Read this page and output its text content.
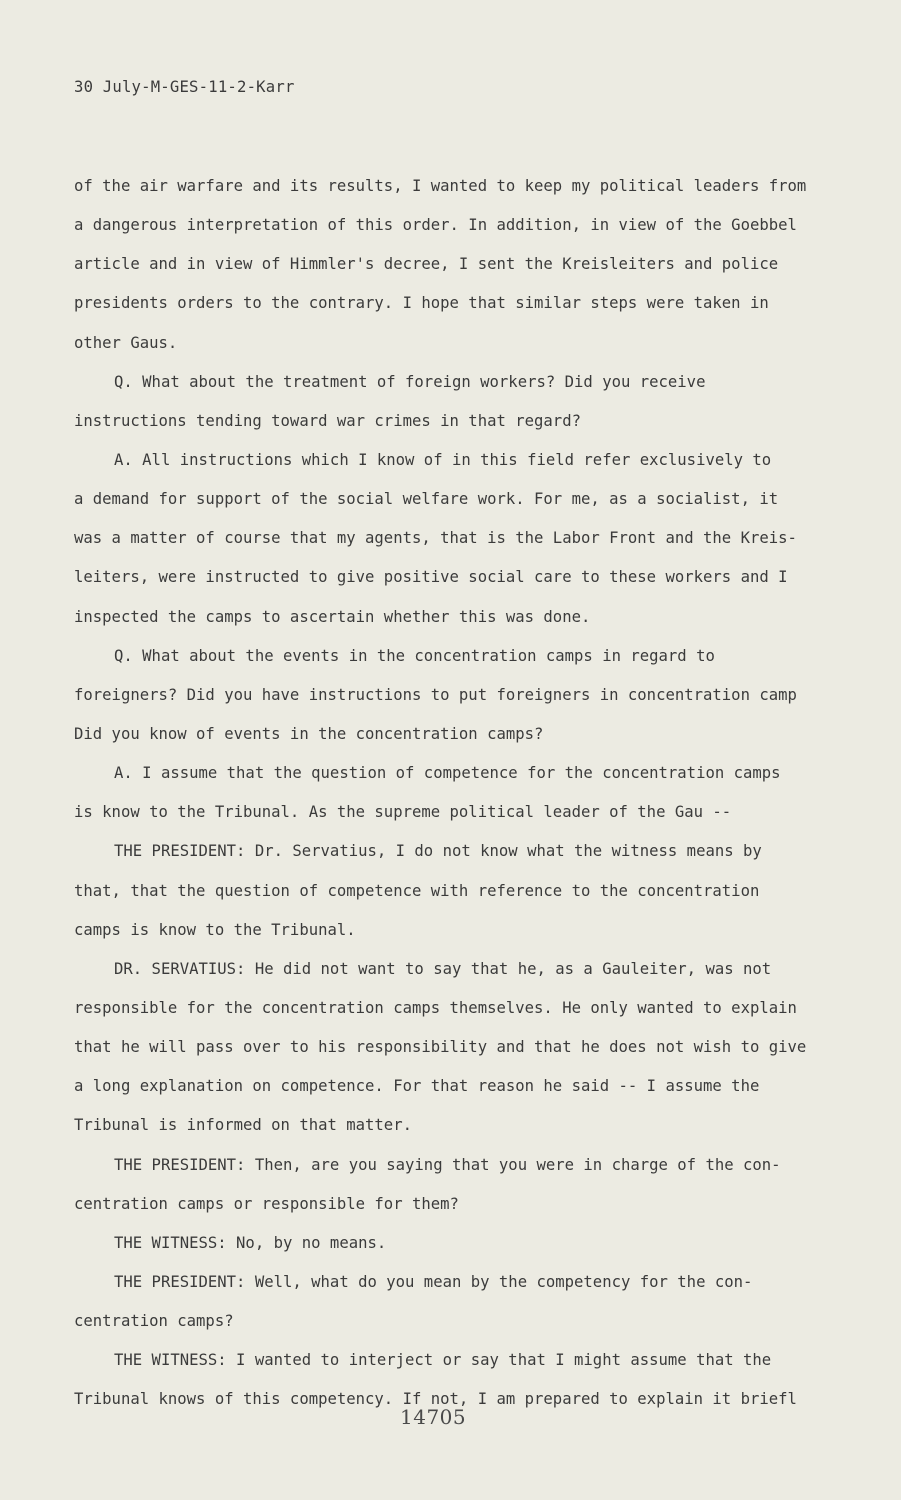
30 July-M-GES-11-2-Karr
of the air warfare and its results, I wanted to keep my political leaders from
a dangerous interpretation of this order. In addition, in view of the Goebbel
article and in view of Himmler's decree, I sent the Kreisleiters and police
presidents orders to the contrary. I hope that similar steps were taken in
other Gaus.
Q. What about the treatment of foreign workers? Did you receive
instructions tending toward war crimes in that regard?
A. All instructions which I know of in this field refer exclusively to
a demand for support of the social welfare work. For me, as a socialist, it
was a matter of course that my agents, that is the Labor Front and the Kreis-
leiters, were instructed to give positive social care to these workers and I
inspected the camps to ascertain whether this was done.
Q. What about the events in the concentration camps in regard to
foreigners? Did you have instructions to put foreigners in concentration camp
Did you know of events in the concentration camps?
A. I assume that the question of competence for the concentration camps
is know to the Tribunal. As the supreme political leader of the Gau --
THE PRESIDENT: Dr. Servatius, I do not know what the witness means by
that, that the question of competence with reference to the concentration
camps is know to the Tribunal.
DR. SERVATIUS: He did not want to say that he, as a Gauleiter, was not
responsible for the concentration camps themselves. He only wanted to explain
that he will pass over to his responsibility and that he does not wish to give
a long explanation on competence. For that reason he said -- I assume the
Tribunal is informed on that matter.
THE PRESIDENT: Then, are you saying that you were in charge of the con-
centration camps or responsible for them?
THE WITNESS: No, by no means.
THE PRESIDENT: Well, what do you mean by the competency for the con-
centration camps?
THE WITNESS: I wanted to interject or say that I might assume that the
Tribunal knows of this competency. If not, I am prepared to explain it briefl
14705
